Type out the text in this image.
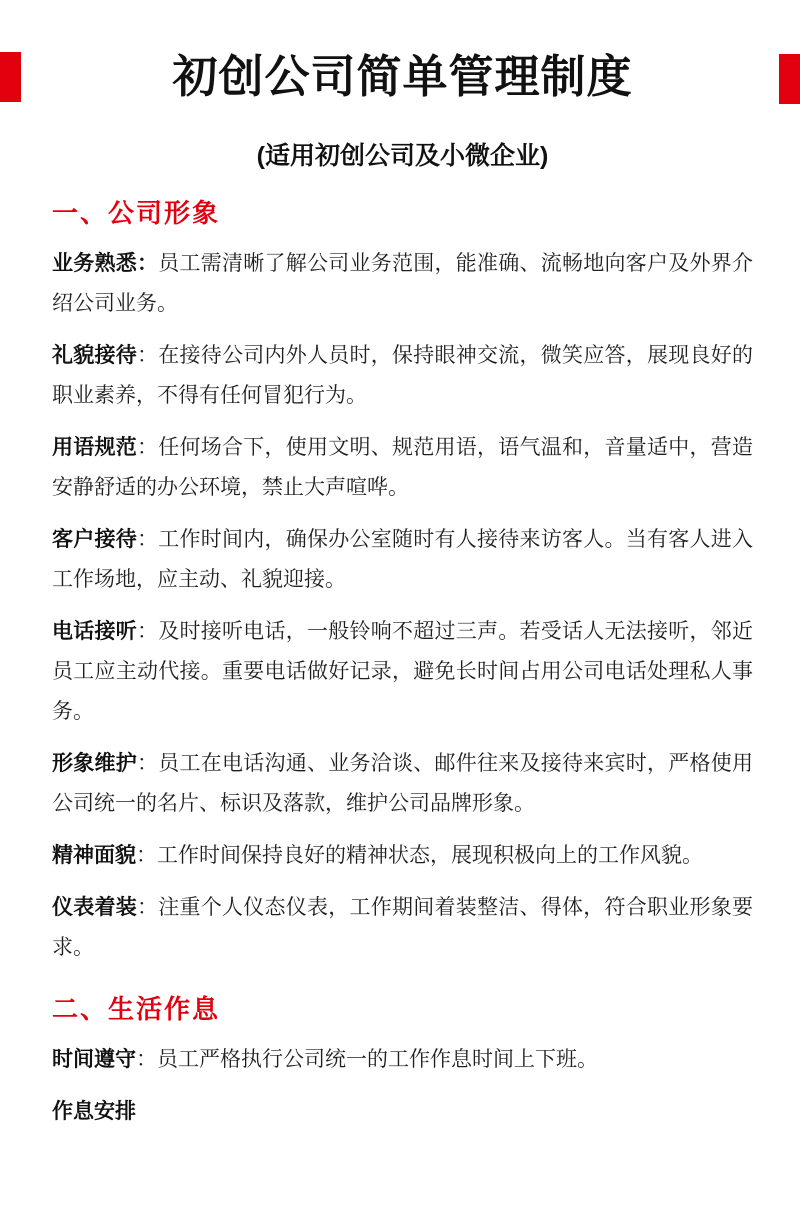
初创公司简单管理制度
(适用初创公司及小微企业)
一、公司形象

业务熟悉：员工需清晰了解公司业务范围，能准确、流畅地向客户及外界介绍公司业务。

礼貌接待：在接待公司内外人员时，保持眼神交流，微笑应答，展现良好的职业素养，不得有任何冒犯行为。

用语规范：任何场合下，使用文明、规范用语，语气温和，音量适中，营造安静舒适的办公环境，禁止大声喧哗。

客户接待：工作时间内，确保办公室随时有人接待来访客人。当有客人进入工作场地，应主动、礼貌迎接。

电话接听：及时接听电话，一般铃响不超过三声。若受话人无法接听，邻近员工应主动代接。重要电话做好记录，避免长时间占用公司电话处理私人事务。

形象维护：员工在电话沟通、业务洽谈、邮件往来及接待来宾时，严格使用公司统一的名片、标识及落款，维护公司品牌形象。

精神面貌：工作时间保持良好的精神状态，展现积极向上的工作风貌。

仪表着装：注重个人仪态仪表，工作期间着装整洁、得体，符合职业形象要求。

二、生活作息

时间遵守：员工严格执行公司统一的工作作息时间上下班。

作息安排
